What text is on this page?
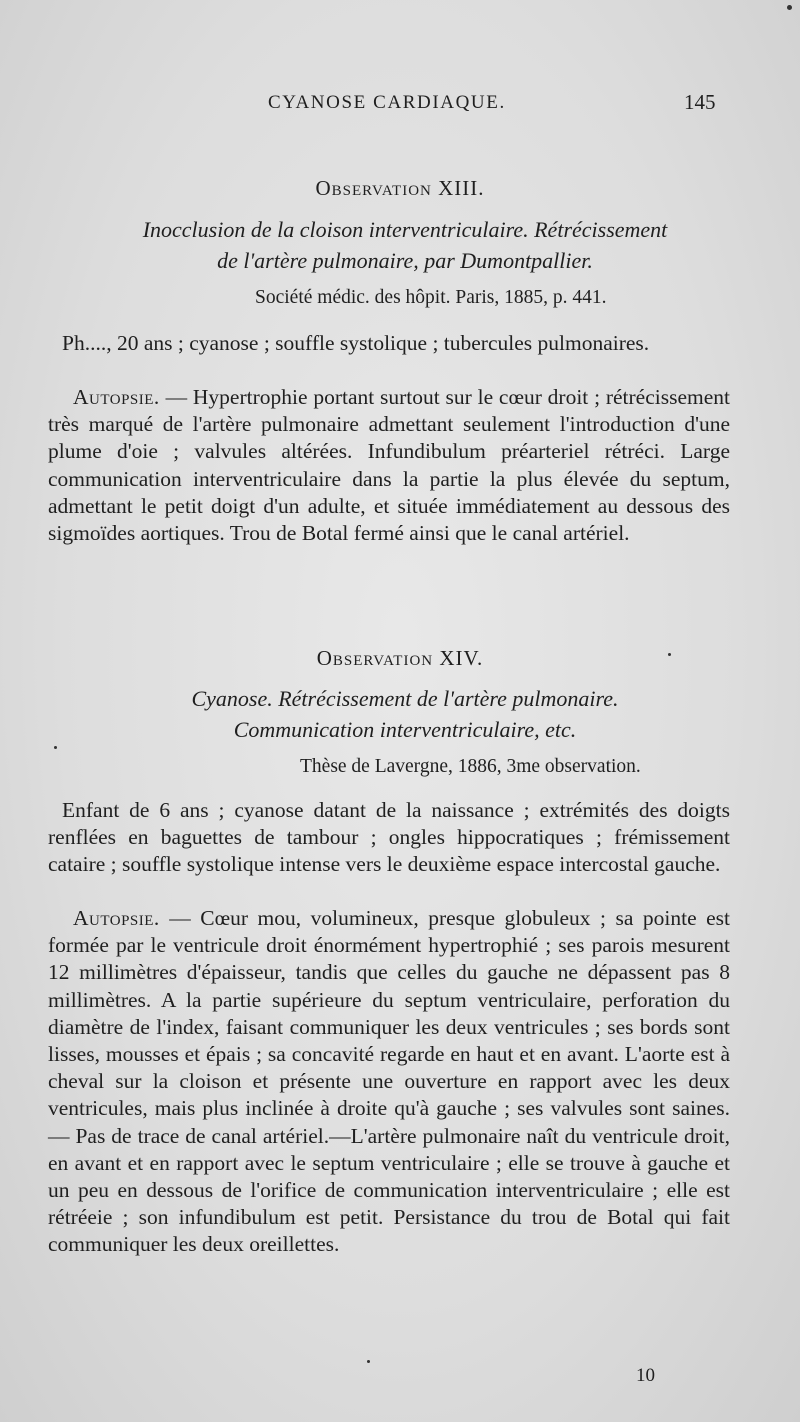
CYANOSE CARDIAQUE.	145
Observation XIII.
Inocclusion de la cloison interventriculaire. Rétrécissement
de l'artère pulmonaire, par Dumontpallier.
Société médic. des hôpit. Paris, 1885, p. 441.
Ph...., 20 ans ; cyanose ; souffle systolique ; tubercules pulmonaires.
Autopsie. — Hypertrophie portant surtout sur le cœur droit ; rétrécissement très marqué de l'artère pulmonaire admettant seulement l'introduction d'une plume d'oie ; valvules altérées. Infundibulum préarteriel rétréci. Large communication interventriculaire dans la partie la plus élevée du septum, admettant le petit doigt d'un adulte, et située immédiatement au dessous des sigmoïdes aortiques. Trou de Botal fermé ainsi que le canal artériel.
Observation XIV.
Cyanose. Rétrécissement de l'artère pulmonaire.
Communication interventriculaire, etc.
Thèse de Lavergne, 1886, 3me observation.
Enfant de 6 ans ; cyanose datant de la naissance ; extrémités des doigts renflées en baguettes de tambour ; ongles hippocratiques ; frémissement cataire ; souffle systolique intense vers le deuxième espace intercostal gauche.
Autopsie. — Cœur mou, volumineux, presque globuleux ; sa pointe est formée par le ventricule droit énormément hypertrophié ; ses parois mesurent 12 millimètres d'épaisseur, tandis que celles du gauche ne dépassent pas 8 millimètres. A la partie supérieure du septum ventriculaire, perforation du diamètre de l'index, faisant communiquer les deux ventricules ; ses bords sont lisses, mousses et épais ; sa concavité regarde en haut et en avant. L'aorte est à cheval sur la cloison et présente une ouverture en rapport avec les deux ventricules, mais plus inclinée à droite qu'à gauche ; ses valvules sont saines. — Pas de trace de canal artériel.—L'artère pulmonaire naît du ventricule droit, en avant et en rapport avec le septum ventriculaire ; elle se trouve à gauche et un peu en dessous de l'orifice de communication interventriculaire ; elle est rétréeie ; son infundibulum est petit. Persistance du trou de Botal qui fait communiquer les deux oreillettes.
10
